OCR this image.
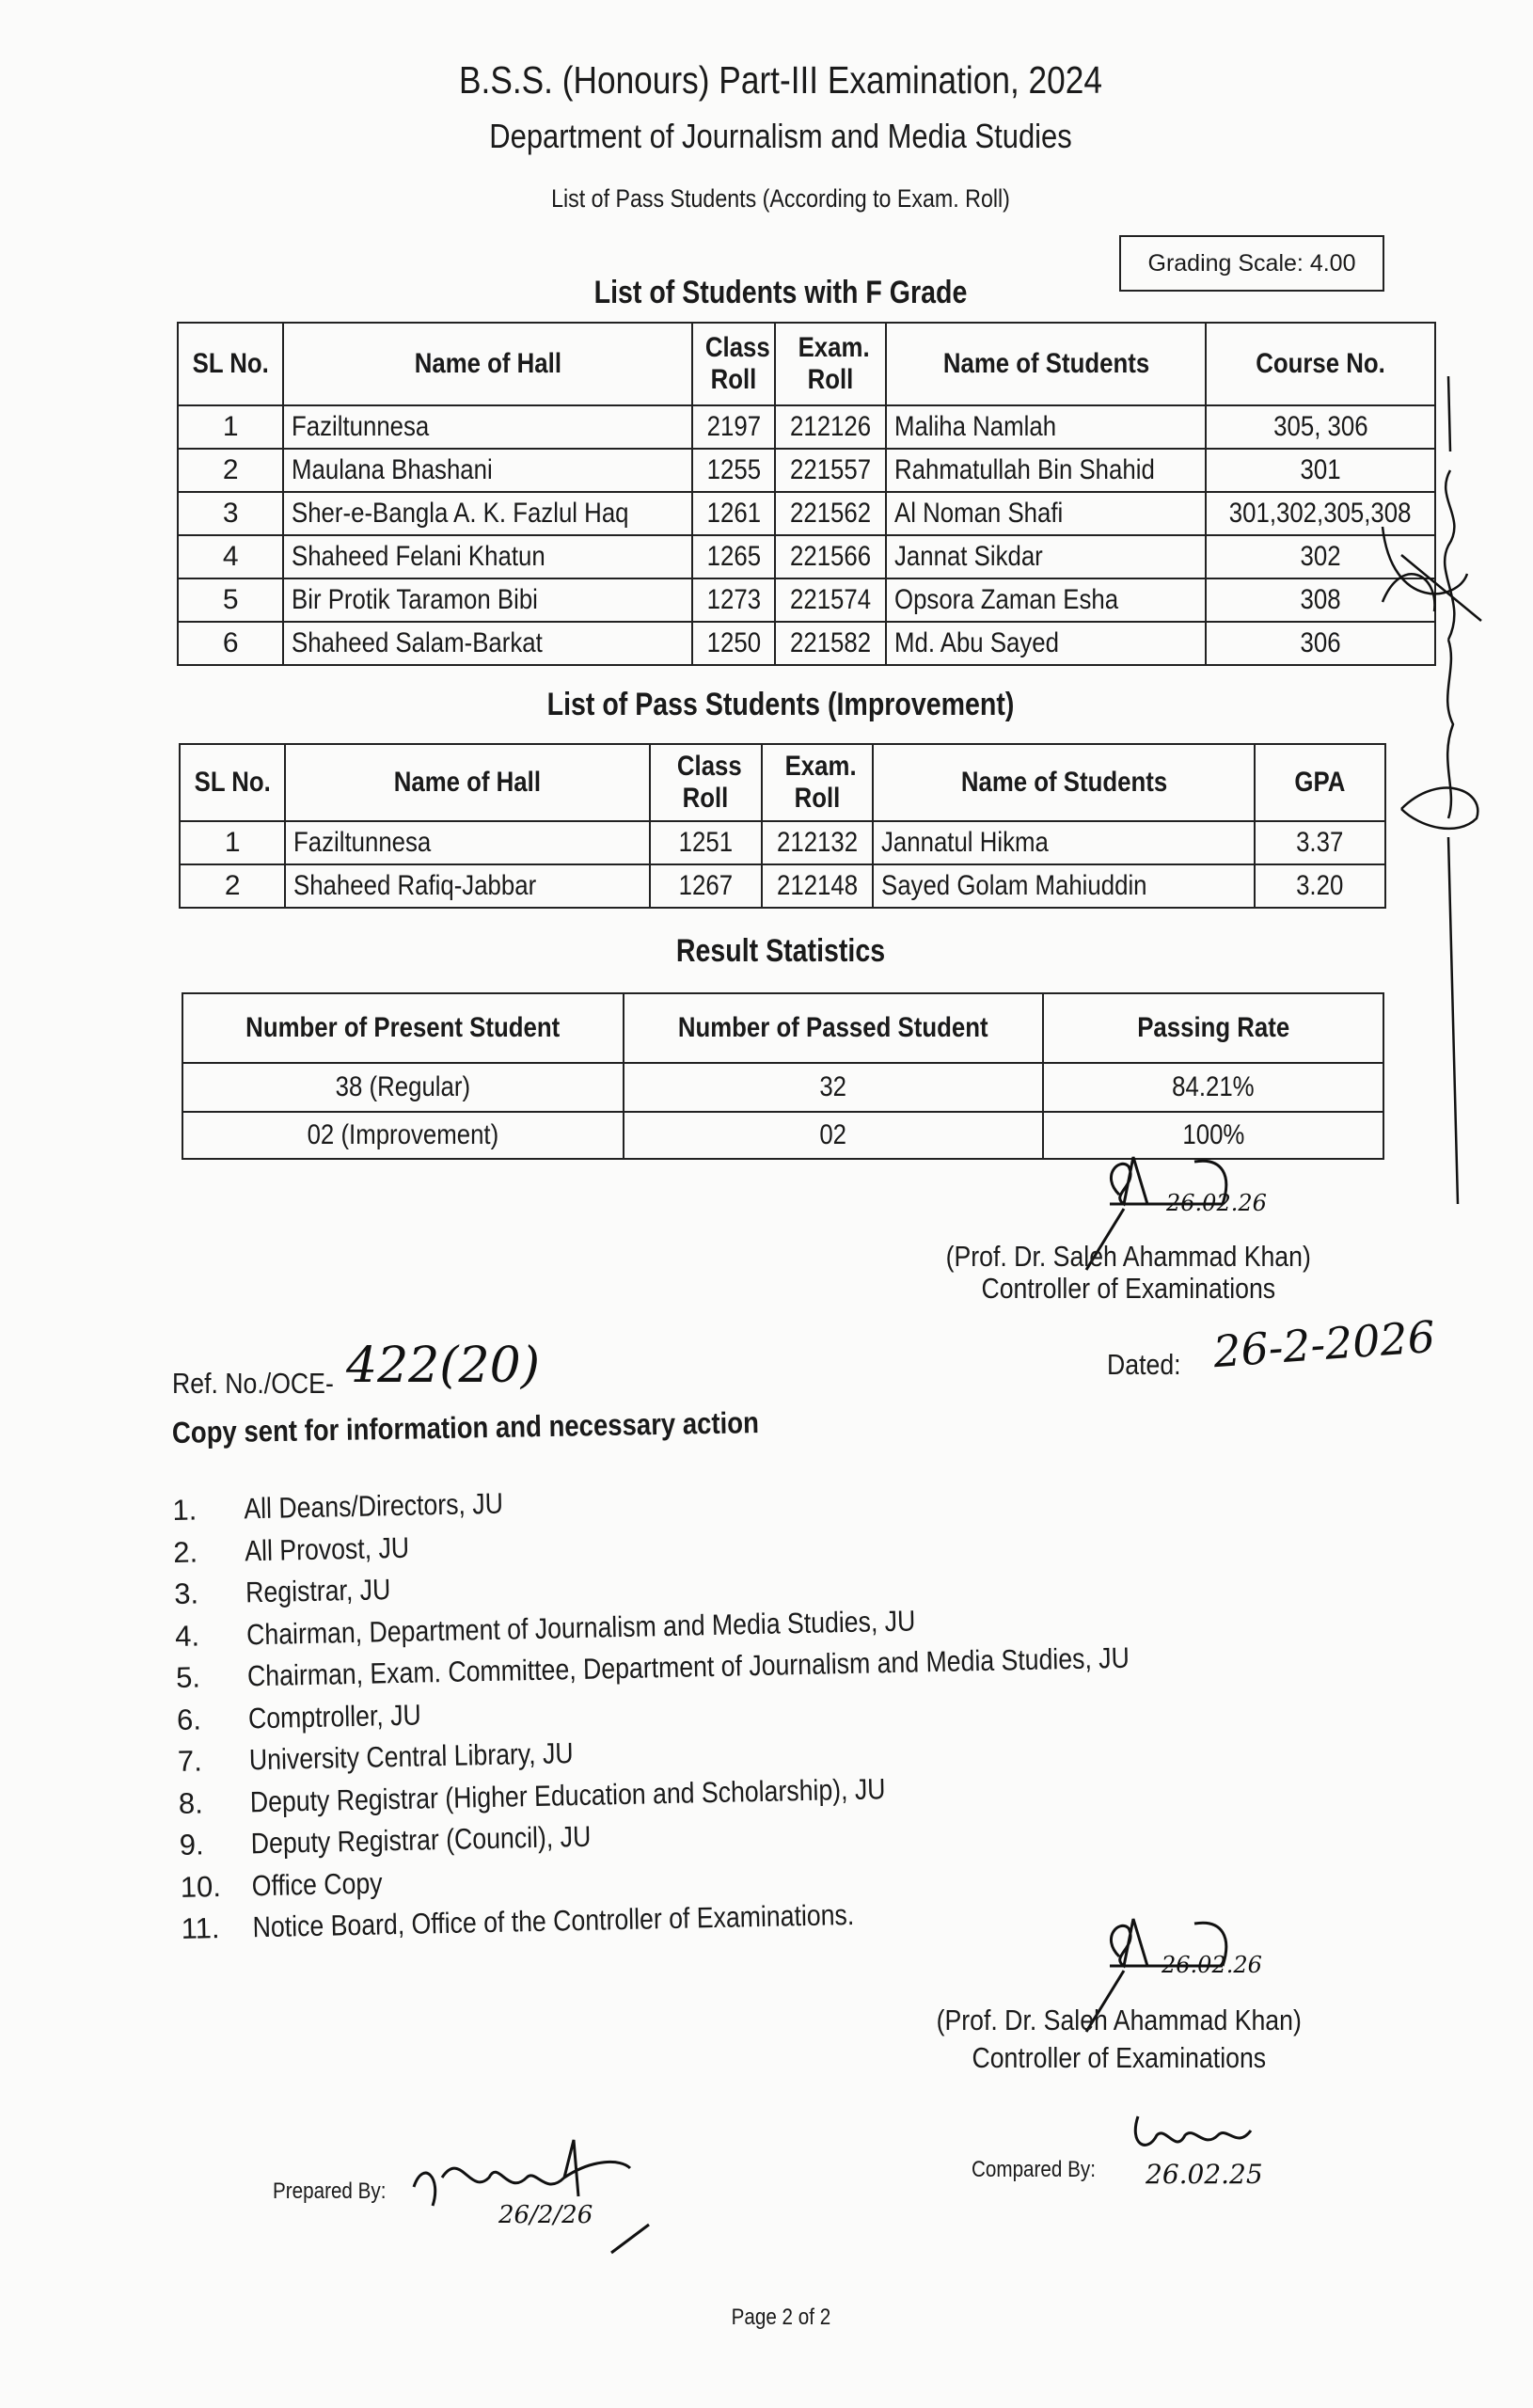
B.S.S. (Honours) Part-III Examination, 2024
Department of Journalism and Media Studies
List of Pass Students (According to Exam. Roll)
Grading Scale: 4.00
List of Students with F Grade
SL No.	Name of Hall	Class Roll	Exam. Roll	Name of Students	Course No.
1	Faziltunnesa	2197	212126	Maliha Namlah	305, 306
2	Maulana Bhashani	1255	221557	Rahmatullah Bin Shahid	301
3	Sher-e-Bangla A. K. Fazlul Haq	1261	221562	Al Noman Shafi	301,302,305,308
4	Shaheed Felani Khatun	1265	221566	Jannat Sikdar	302
5	Bir Protik Taramon Bibi	1273	221574	Opsora Zaman Esha	308
6	Shaheed Salam-Barkat	1250	221582	Md. Abu Sayed	306
List of Pass Students (Improvement)
SL No.	Name of Hall	Class Roll	Exam. Roll	Name of Students	GPA
1	Faziltunnesa	1251	212132	Jannatul Hikma	3.37
2	Shaheed Rafiq-Jabbar	1267	212148	Sayed Golam Mahiuddin	3.20
Result Statistics
Number of Present Student	Number of Passed Student	Passing Rate
38 (Regular)	32	84.21%
02 (Improvement)	02	100%
26.02.26
(Prof. Dr. Saleh Ahammad Khan)
Controller of Examinations
Ref. No./OCE- 422(20)	Dated: 26-2-2026
Copy sent for information and necessary action
1.	All Deans/Directors, JU
2.	All Provost, JU
3.	Registrar, JU
4.	Chairman, Department of Journalism and Media Studies, JU
5.	Chairman, Exam. Committee, Department of Journalism and Media Studies, JU
6.	Comptroller, JU
7.	University Central Library, JU
8.	Deputy Registrar (Higher Education and Scholarship), JU
9.	Deputy Registrar (Council), JU
10.	Office Copy
11.	Notice Board, Office of the Controller of Examinations.
26.02.26
(Prof. Dr. Saleh Ahammad Khan)
Controller of Examinations
Prepared By:
26/2/26
Compared By:	26.02.25
Page 2 of 2
